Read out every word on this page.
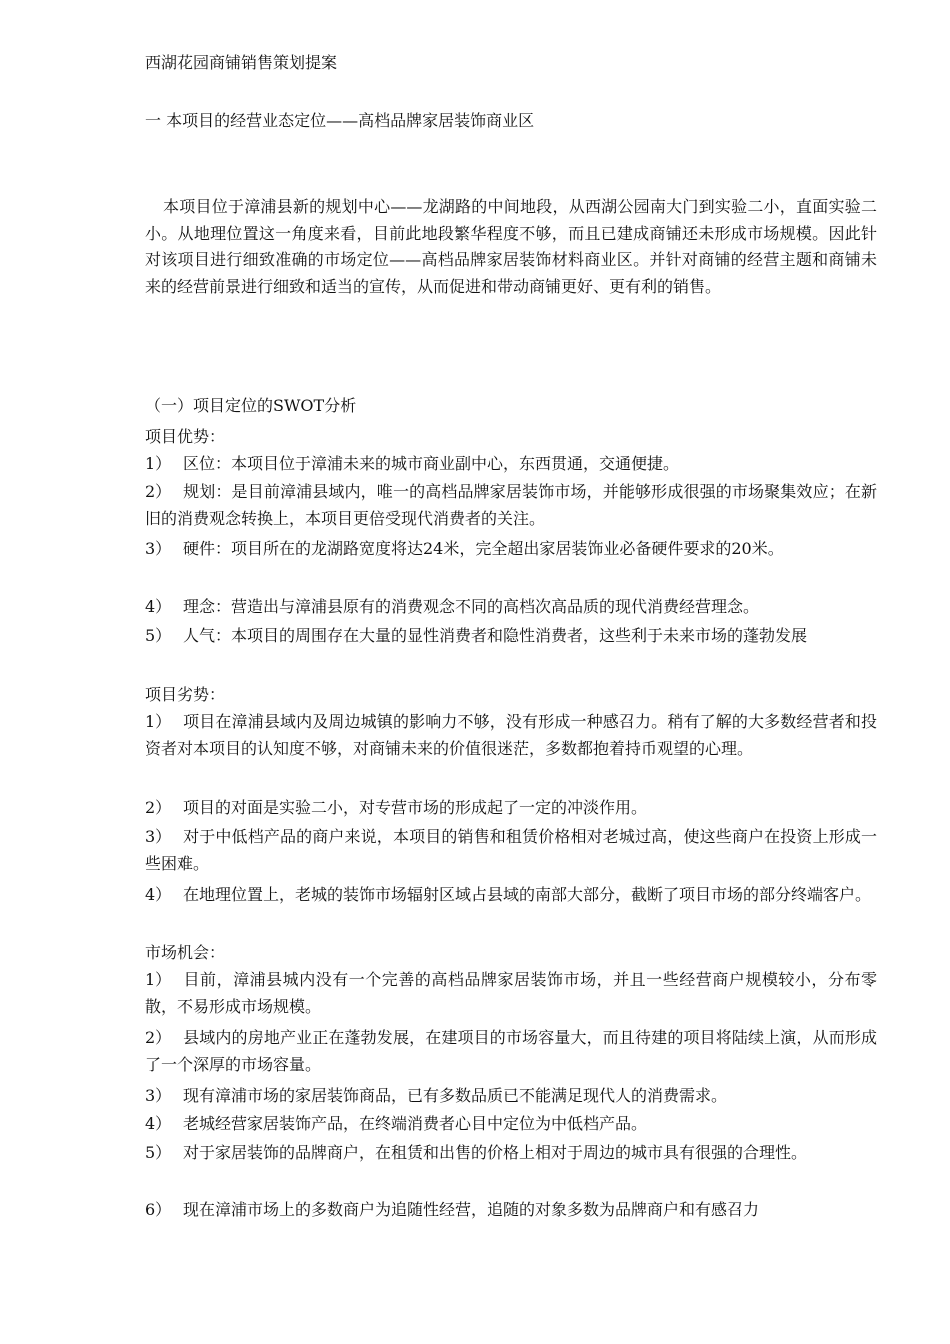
西湖花园商铺销售策划提案
一 本项目的经营业态定位——高档品牌家居装饰商业区
本项目位于漳浦县新的规划中心——龙湖路的中间地段，从西湖公园南大门到实验二小，直面实验二小。从地理位置这一角度来看，目前此地段繁华程度不够，而且已建成商铺还未形成市场规模。因此针对该项目进行细致准确的市场定位——高档品牌家居装饰材料商业区。并针对商铺的经营主题和商铺未来的经营前景进行细致和适当的宣传，从而促进和带动商铺更好、更有利的销售。
（一）项目定位的SWOT分析
项目优势：
1） 区位：本项目位于漳浦未来的城市商业副中心，东西贯通，交通便捷。
2） 规划：是目前漳浦县域内，唯一的高档品牌家居装饰市场，并能够形成很强的市场聚集效应；在新旧的消费观念转换上，本项目更倍受现代消费者的关注。
3） 硬件：项目所在的龙湖路宽度将达24米，完全超出家居装饰业必备硬件要求的20米。
4） 理念：营造出与漳浦县原有的消费观念不同的高档次高品质的现代消费经营理念。
5） 人气：本项目的周围存在大量的显性消费者和隐性消费者，这些利于未来市场的蓬勃发展
项目劣势：
1） 项目在漳浦县域内及周边城镇的影响力不够，没有形成一种感召力。稍有了解的大多数经营者和投资者对本项目的认知度不够，对商铺未来的价值很迷茫，多数都抱着持币观望的心理。
2） 项目的对面是实验二小，对专营市场的形成起了一定的冲淡作用。
3） 对于中低档产品的商户来说，本项目的销售和租赁价格相对老城过高，使这些商户在投资上形成一些困难。
4） 在地理位置上，老城的装饰市场辐射区域占县域的南部大部分，截断了项目市场的部分终端客户。
市场机会：
1） 目前，漳浦县城内没有一个完善的高档品牌家居装饰市场，并且一些经营商户规模较小，分布零散，不易形成市场规模。
2） 县域内的房地产业正在蓬勃发展，在建项目的市场容量大，而且待建的项目将陆续上演，从而形成了一个深厚的市场容量。
3） 现有漳浦市场的家居装饰商品，已有多数品质已不能满足现代人的消费需求。
4） 老城经营家居装饰产品，在终端消费者心目中定位为中低档产品。
5） 对于家居装饰的品牌商户，在租赁和出售的价格上相对于周边的城市具有很强的合理性。
6） 现在漳浦市场上的多数商户为追随性经营，追随的对象多数为品牌商户和有感召力
